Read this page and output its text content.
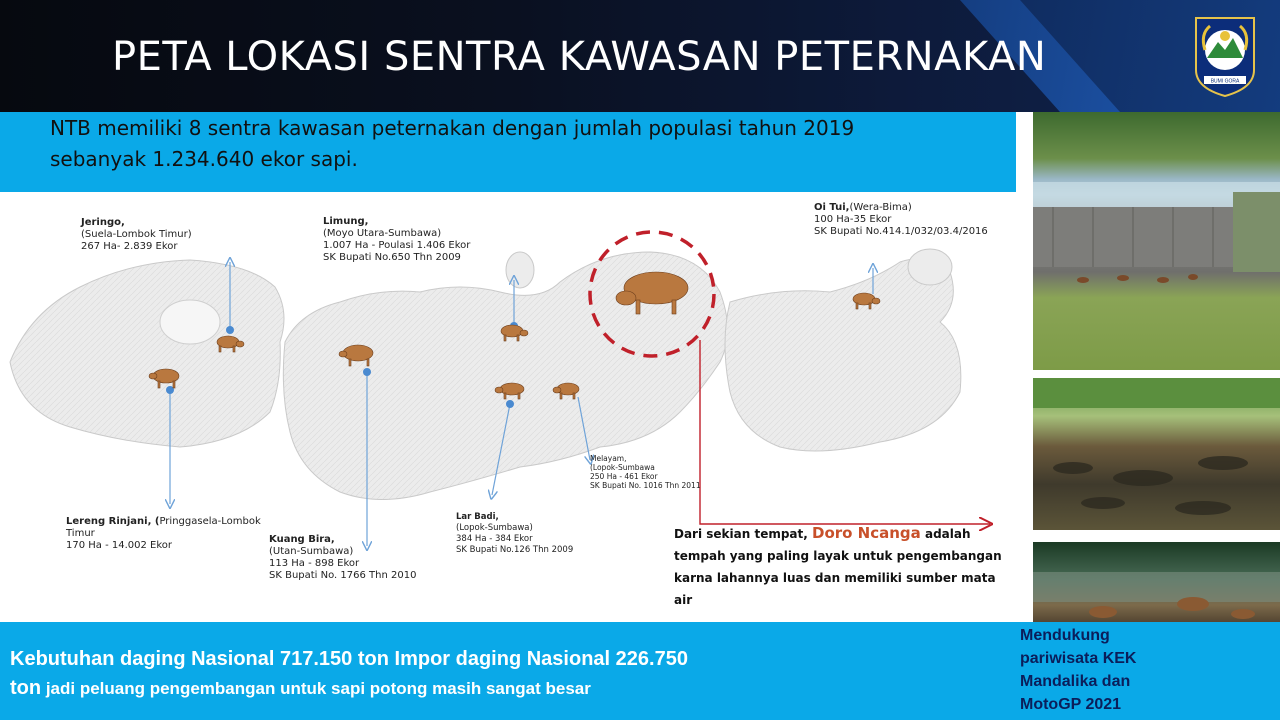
PETA LOKASI SENTRA KAWASAN PETERNAKAN
BUMI GORA
NTB memiliki 8 sentra kawasan peternakan dengan jumlah populasi tahun 2019
sebanyak 1.234.640 ekor sapi.
Jeringo,
(Suela-Lombok Timur)
267 Ha- 2.839 Ekor
Limung,
(Moyo Utara-Sumbawa)
1.007 Ha - Poulasi 1.406 Ekor
SK Bupati No.650 Thn 2009
Oi Tui,(Wera-Bima)
100 Ha-35 Ekor
SK Bupati No.414.1/032/03.4/2016
Lereng Rinjani, (Pringgasela-Lombok
Timur
170 Ha - 14.002 Ekor
Kuang Bira,
(Utan-Sumbawa)
113 Ha - 898 Ekor
SK Bupati No. 1766 Thn 2010
Lar Badi,
(Lopok-Sumbawa)
384 Ha - 384 Ekor
SK Bupati No.126 Thn 2009
Melayam,
(Lopok-Sumbawa
250 Ha - 461 Ekor
SK Bupati No. 1016 Thn 2011
Dari sekian tempat, Doro Ncanga adalah
tempah yang paling layak untuk pengembangan
karna lahannya luas dan memiliki sumber mata air
Kebutuhan daging Nasional 717.150 ton Impor daging Nasional 226.750
ton jadi peluang pengembangan untuk sapi potong masih sangat besar
Mendukung
pariwisata KEK
Mandalika dan
MotoGP 2021
